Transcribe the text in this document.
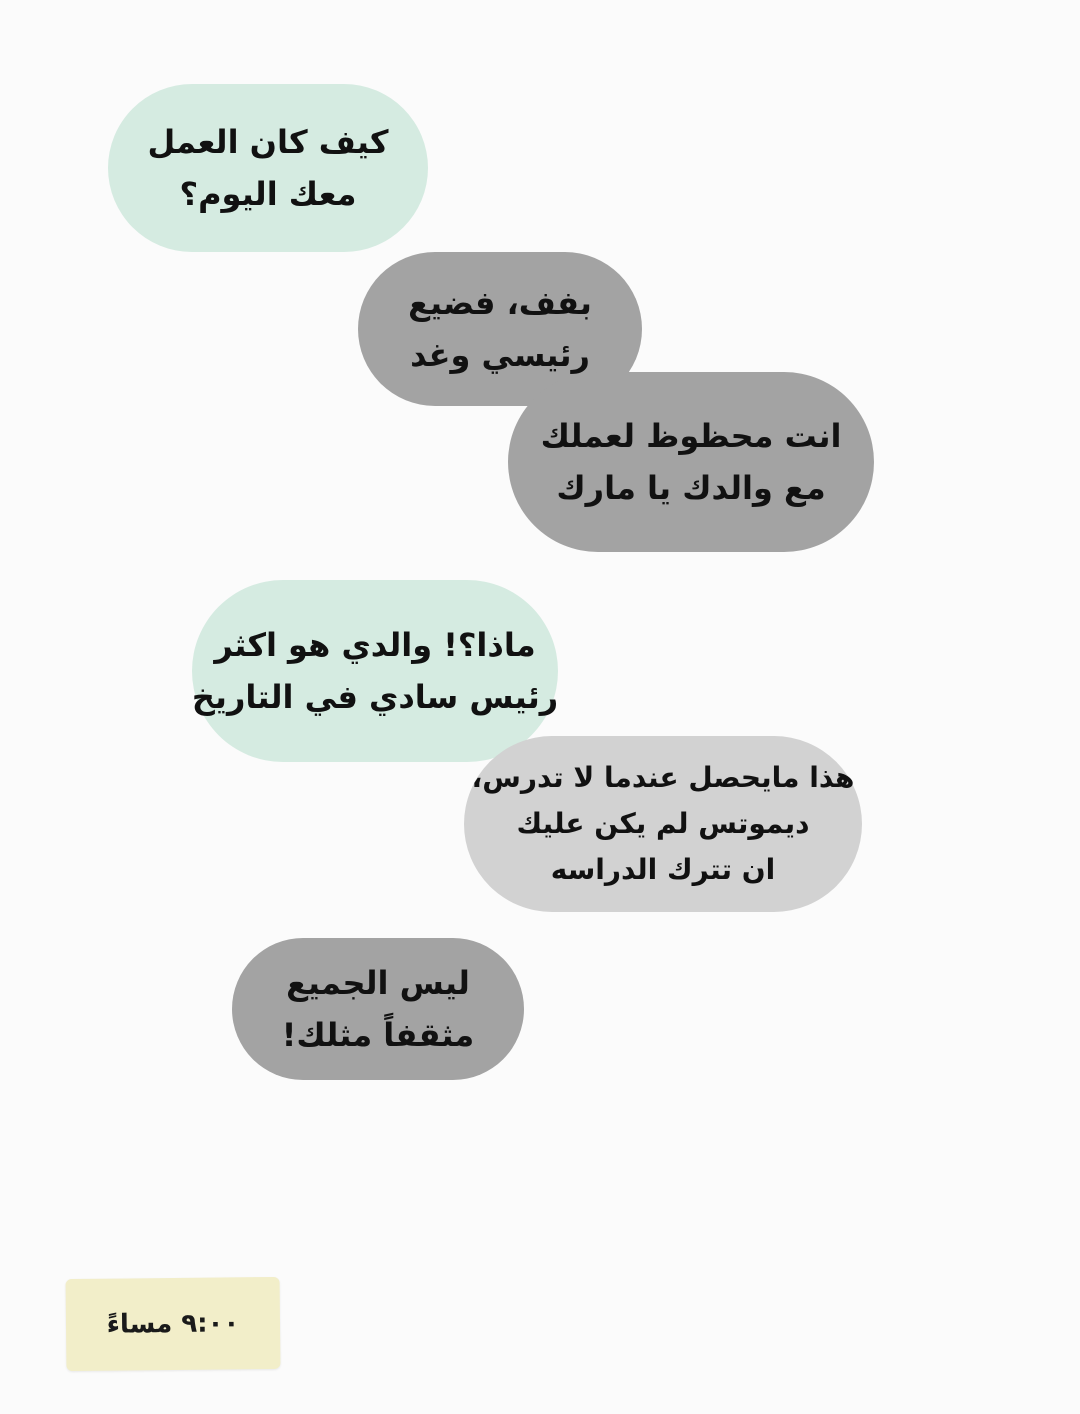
كيف كان العمل
معك اليوم؟
بفف، فضيع
رئيسي وغد
انت محظوظ لعملك
مع والدك يا مارك
ماذا؟! والدي هو اكثر
رئيس سادي في التاريخ
هذا مايحصل عندما لا تدرس،
ديموتس لم يكن عليك
ان تترك الدراسه
ليس الجميع
مثقفاً مثلك!
٩:٠٠ مساءً
